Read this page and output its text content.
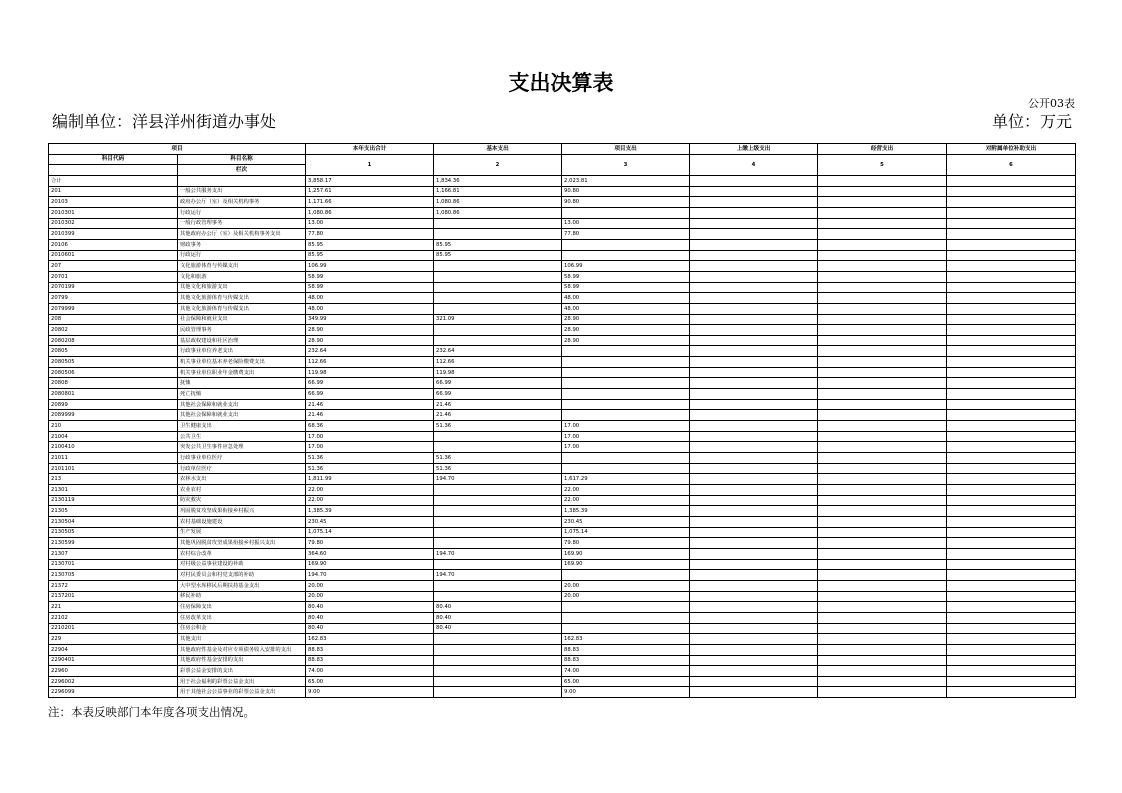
支出决算表
公开03表
编制单位：洋县洋州街道办事处	单位：万元
项目		本年支出合计	基本支出	项目支出	上缴上级支出	经营支出	对附属单位补助支出
科目代码	科目名称	1	2	3	4	5	6
	栏次						
合计		3,858.17	1,834.36	2,023.81			
201	一般公共服务支出	1,257.61	1,166.81	90.80			
20103	政府办公厅（室）及相关机构事务	1,171.66	1,080.86	90.80			
2010301	行政运行	1,080.86	1,080.86				
2010302	一般行政管理事务	13.00		13.00			
2010399	其他政府办公厅（室）及相关机构事务支出	77.80		77.80			
20106	财政事务	85.95	85.95				
2010601	行政运行	85.95	85.95				
207	文化旅游体育与传媒支出	106.99		106.99			
20701	文化和旅游	58.99		58.99			
2070199	其他文化和旅游支出	58.99		58.99			
20799	其他文化旅游体育与传媒支出	48.00		48.00			
2079999	其他文化旅游体育与传媒支出	48.00		48.00			
208	社会保障和就业支出	349.99	321.09	28.90			
20802	民政管理事务	28.90		28.90			
2080208	基层政权建设和社区治理	28.90		28.90			
20805	行政事业单位养老支出	232.64	232.64				
2080505	机关事业单位基本养老保险缴费支出	112.66	112.66				
2080506	机关事业单位职业年金缴费支出	119.98	119.98				
20808	抚恤	66.99	66.99				
2080801	死亡抚恤	66.99	66.99				
20899	其他社会保障和就业支出	21.46	21.46				
2089999	其他社会保障和就业支出	21.46	21.46				
210	卫生健康支出	68.36	51.36	17.00			
21004	公共卫生	17.00		17.00			
2100410	突发公共卫生事件应急处理	17.00		17.00			
21011	行政事业单位医疗	51.36	51.36				
2101101	行政单位医疗	51.36	51.36				
213	农林水支出	1,811.99	194.70	1,617.29			
21301	农业农村	22.00		22.00			
2130119	防灾救灾	22.00		22.00			
21305	巩固脱贫攻坚成果衔接乡村振兴	1,385.39		1,385.39			
2130504	农村基础设施建设	230.45		230.45			
2130505	生产发展	1,075.14		1,075.14			
2130599	其他巩固脱贫攻坚成果衔接乡村振兴支出	79.80		79.80			
21307	农村综合改革	364.60	194.70	169.90			
2130701	对村级公益事业建设的补助	169.90		169.90			
2130705	对村民委员会和村党支部的补助	194.70	194.70				
21372	大中型水库移民后期扶持基金支出	20.00		20.00			
2137201	移民补助	20.00		20.00			
221	住房保障支出	80.40	80.40				
22102	住房改革支出	80.40	80.40				
2210201	住房公积金	80.40	80.40				
229	其他支出	162.83		162.83			
22904	其他政府性基金及对应专项债务收入安排的支出	88.83		88.83			
2290401	其他政府性基金安排的支出	88.83		88.83			
22960	彩票公益金安排的支出	74.00		74.00			
2296002	用于社会福利的彩票公益金支出	65.00		65.00			
2296099	用于其他社会公益事业的彩票公益金支出	9.00		9.00			
注：本表反映部门本年度各项支出情况。
